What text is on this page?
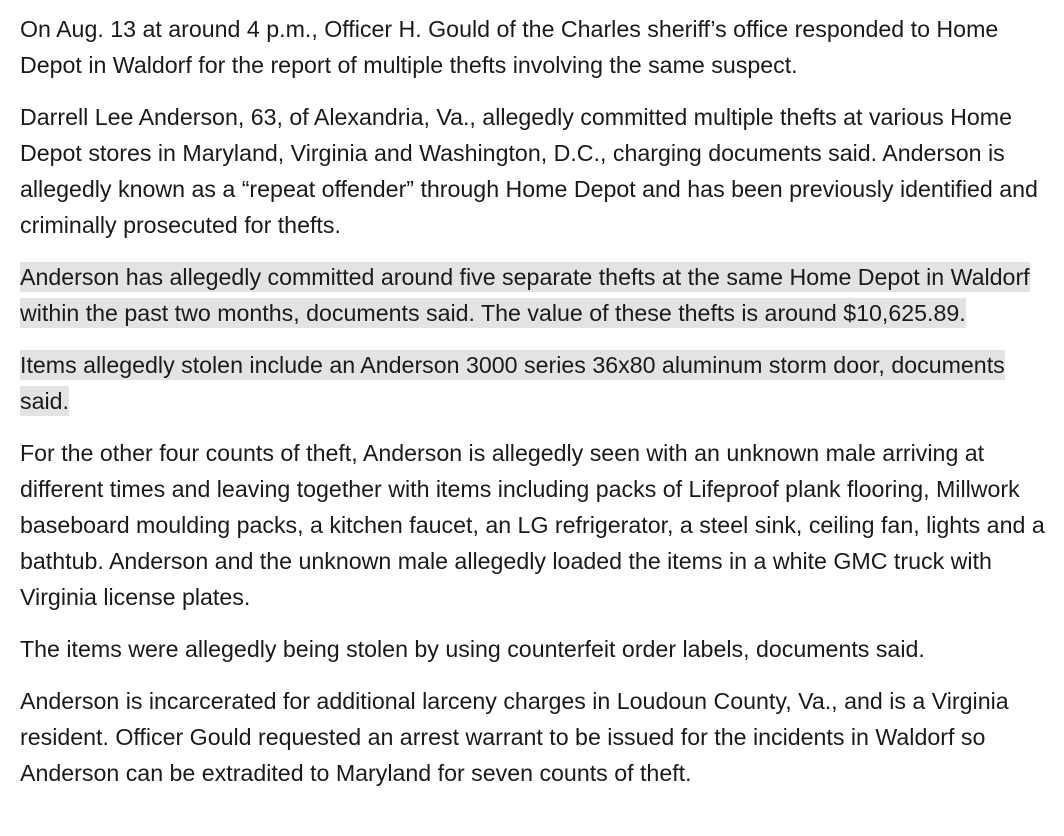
On Aug. 13 at around 4 p.m., Officer H. Gould of the Charles sheriff’s office responded to Home Depot in Waldorf for the report of multiple thefts involving the same suspect.

Darrell Lee Anderson, 63, of Alexandria, Va., allegedly committed multiple thefts at various Home Depot stores in Maryland, Virginia and Washington, D.C., charging documents said. Anderson is allegedly known as a “repeat offender” through Home Depot and has been previously identified and criminally prosecuted for thefts.

Anderson has allegedly committed around five separate thefts at the same Home Depot in Waldorf within the past two months, documents said. The value of these thefts is around $10,625.89.

Items allegedly stolen include an Anderson 3000 series 36x80 aluminum storm door, documents said.

For the other four counts of theft, Anderson is allegedly seen with an unknown male arriving at different times and leaving together with items including packs of Lifeproof plank flooring, Millwork baseboard moulding packs, a kitchen faucet, an LG refrigerator, a steel sink, ceiling fan, lights and a bathtub. Anderson and the unknown male allegedly loaded the items in a white GMC truck with Virginia license plates.

The items were allegedly being stolen by using counterfeit order labels, documents said.

Anderson is incarcerated for additional larceny charges in Loudoun County, Va., and is a Virginia resident. Officer Gould requested an arrest warrant to be issued for the incidents in Waldorf so Anderson can be extradited to Maryland for seven counts of theft.
